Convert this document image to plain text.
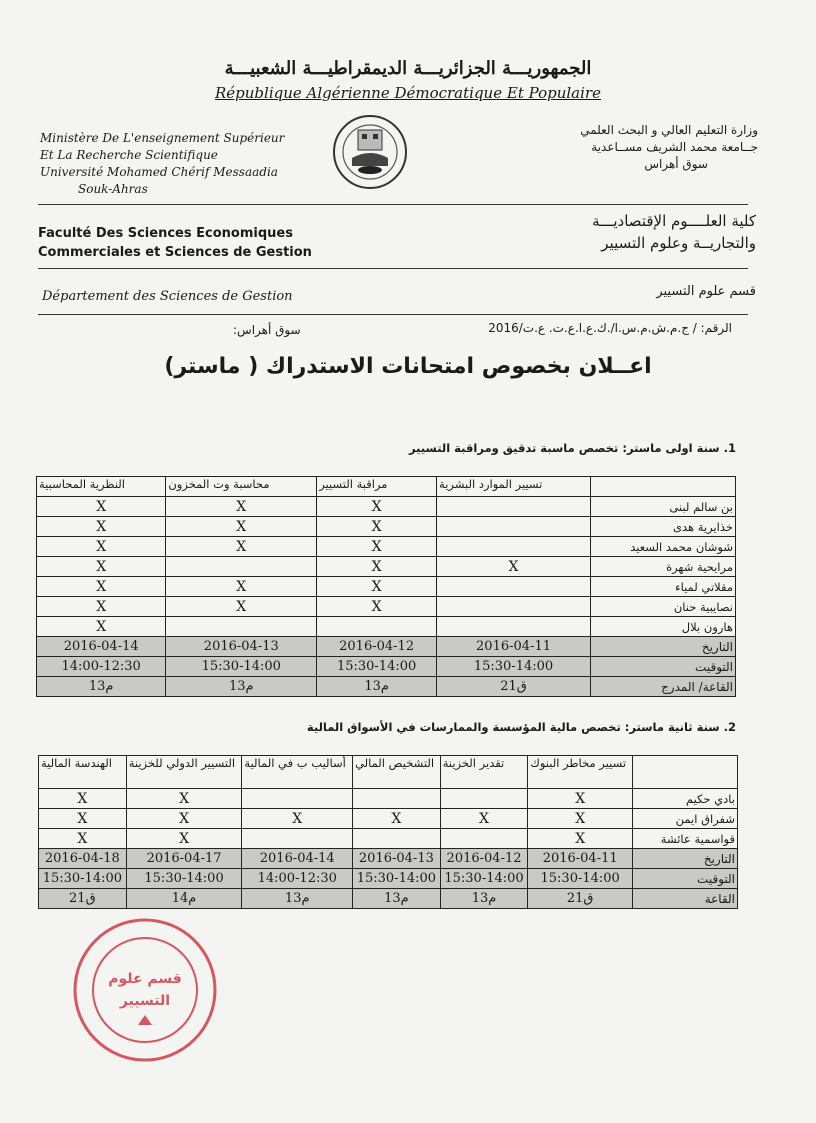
الجمهوريـــة الجزائريـــة الديمقراطيـــة الشعبيـــة
République Algérienne Démocratique Et Populaire
Ministère De L'enseignement Supérieur
Et La Recherche Scientifique
Université Mohamed Chérif Messaadia
Souk-Ahras
وزارة التعليم العالي و البحث العلمي
جــامعة محمد الشريف مســاعدية
سوق أهراس
Faculté Des Sciences Economiques
Commerciales et Sciences de Gestion
كلية العلــــوم الإقتصاديـــة
والتجاريــة وعلوم التسيير
Département des Sciences de Gestion	قسم علوم التسيير
الرقم: / ج.م.ش.م.س.ا/.ك.ع.ا.ع.ت. ع.ت/2016
سوق أهراس:
اعــلان بخصوص امتحانات الاستدراك ( ماستر)
1. سنة اولى ماستر: تخصص ماسبة تدقيق ومراقبة التسيير
	تسيير الموارد البشرية	مراقبة التسيير	محاسبة وت المخزون	النظرية المحاسبية
بن سالم لبنى		X	X	X
خذايرية هدى		X	X	X
شوشان محمد السعيد		X	X	X
مرايحية شهرة	X	X		X
مقلاتي لمياء		X	X	X
نصايبية حنان		X	X	X
هارون بلال				X
التاريخ	2016-04-11	2016-04-12	2016-04-13	2016-04-14
التوقيت	15:30-14:00	15:30-14:00	15:30-14:00	14:00-12:30
القاعة/ المدرج	ق21	م13	م13	م13
2. سنة ثانية ماستر: تخصص مالية المؤسسة والممارسات في الأسواق المالية
	تسيير مخاطر البنوك	تقدير الخزينة	التشخيص المالي	أساليب ب في المالية	التسيير الدولي للخزينة	الهندسة المالية
بادي حكيم	X				X	X
شفراق ايمن	X	X	X	X	X	X
قواسمية عائشة	X				X	X
التاريخ	2016-04-11	2016-04-12	2016-04-13	2016-04-14	2016-04-17	2016-04-18
التوقيت	15:30-14:00	15:30-14:00	15:30-14:00	14:00-12:30	15:30-14:00	15:30-14:00
القاعة	ق21	م13	م13	م13	م14	ق21
قسم علوم
التسيير
